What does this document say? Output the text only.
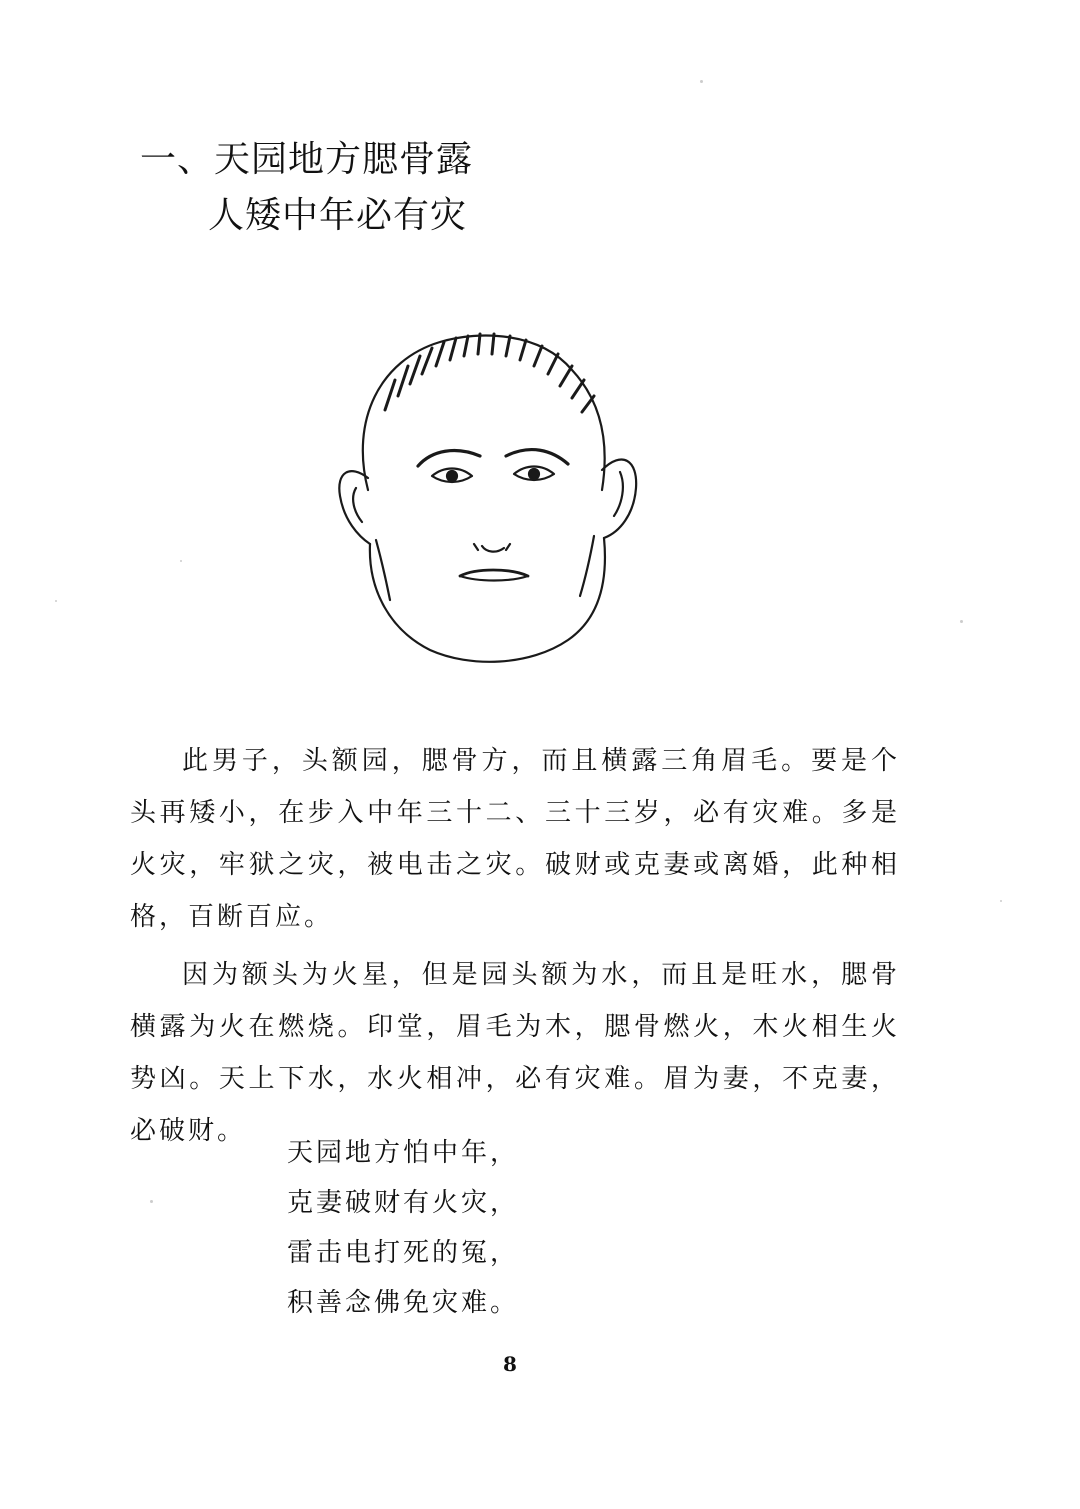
一、天园地方腮骨露
人矮中年必有灾

此男子，头额园，腮骨方，而且横露三角眉毛。要是个头再矮小，在步入中年三十二、三十三岁，必有灾难。多是火灾，牢狱之灾，被电击之灾。破财或克妻或离婚，此种相格，百断百应。

因为额头为火星，但是园头额为水，而且是旺水，腮骨横露为火在燃烧。印堂，眉毛为木，腮骨燃火，木火相生火势凶。天上下水，水火相冲，必有灾难。眉为妻，不克妻，必破财。

天园地方怕中年，
克妻破财有火灾，
雷击电打死的冤，
积善念佛免灾难。
8
